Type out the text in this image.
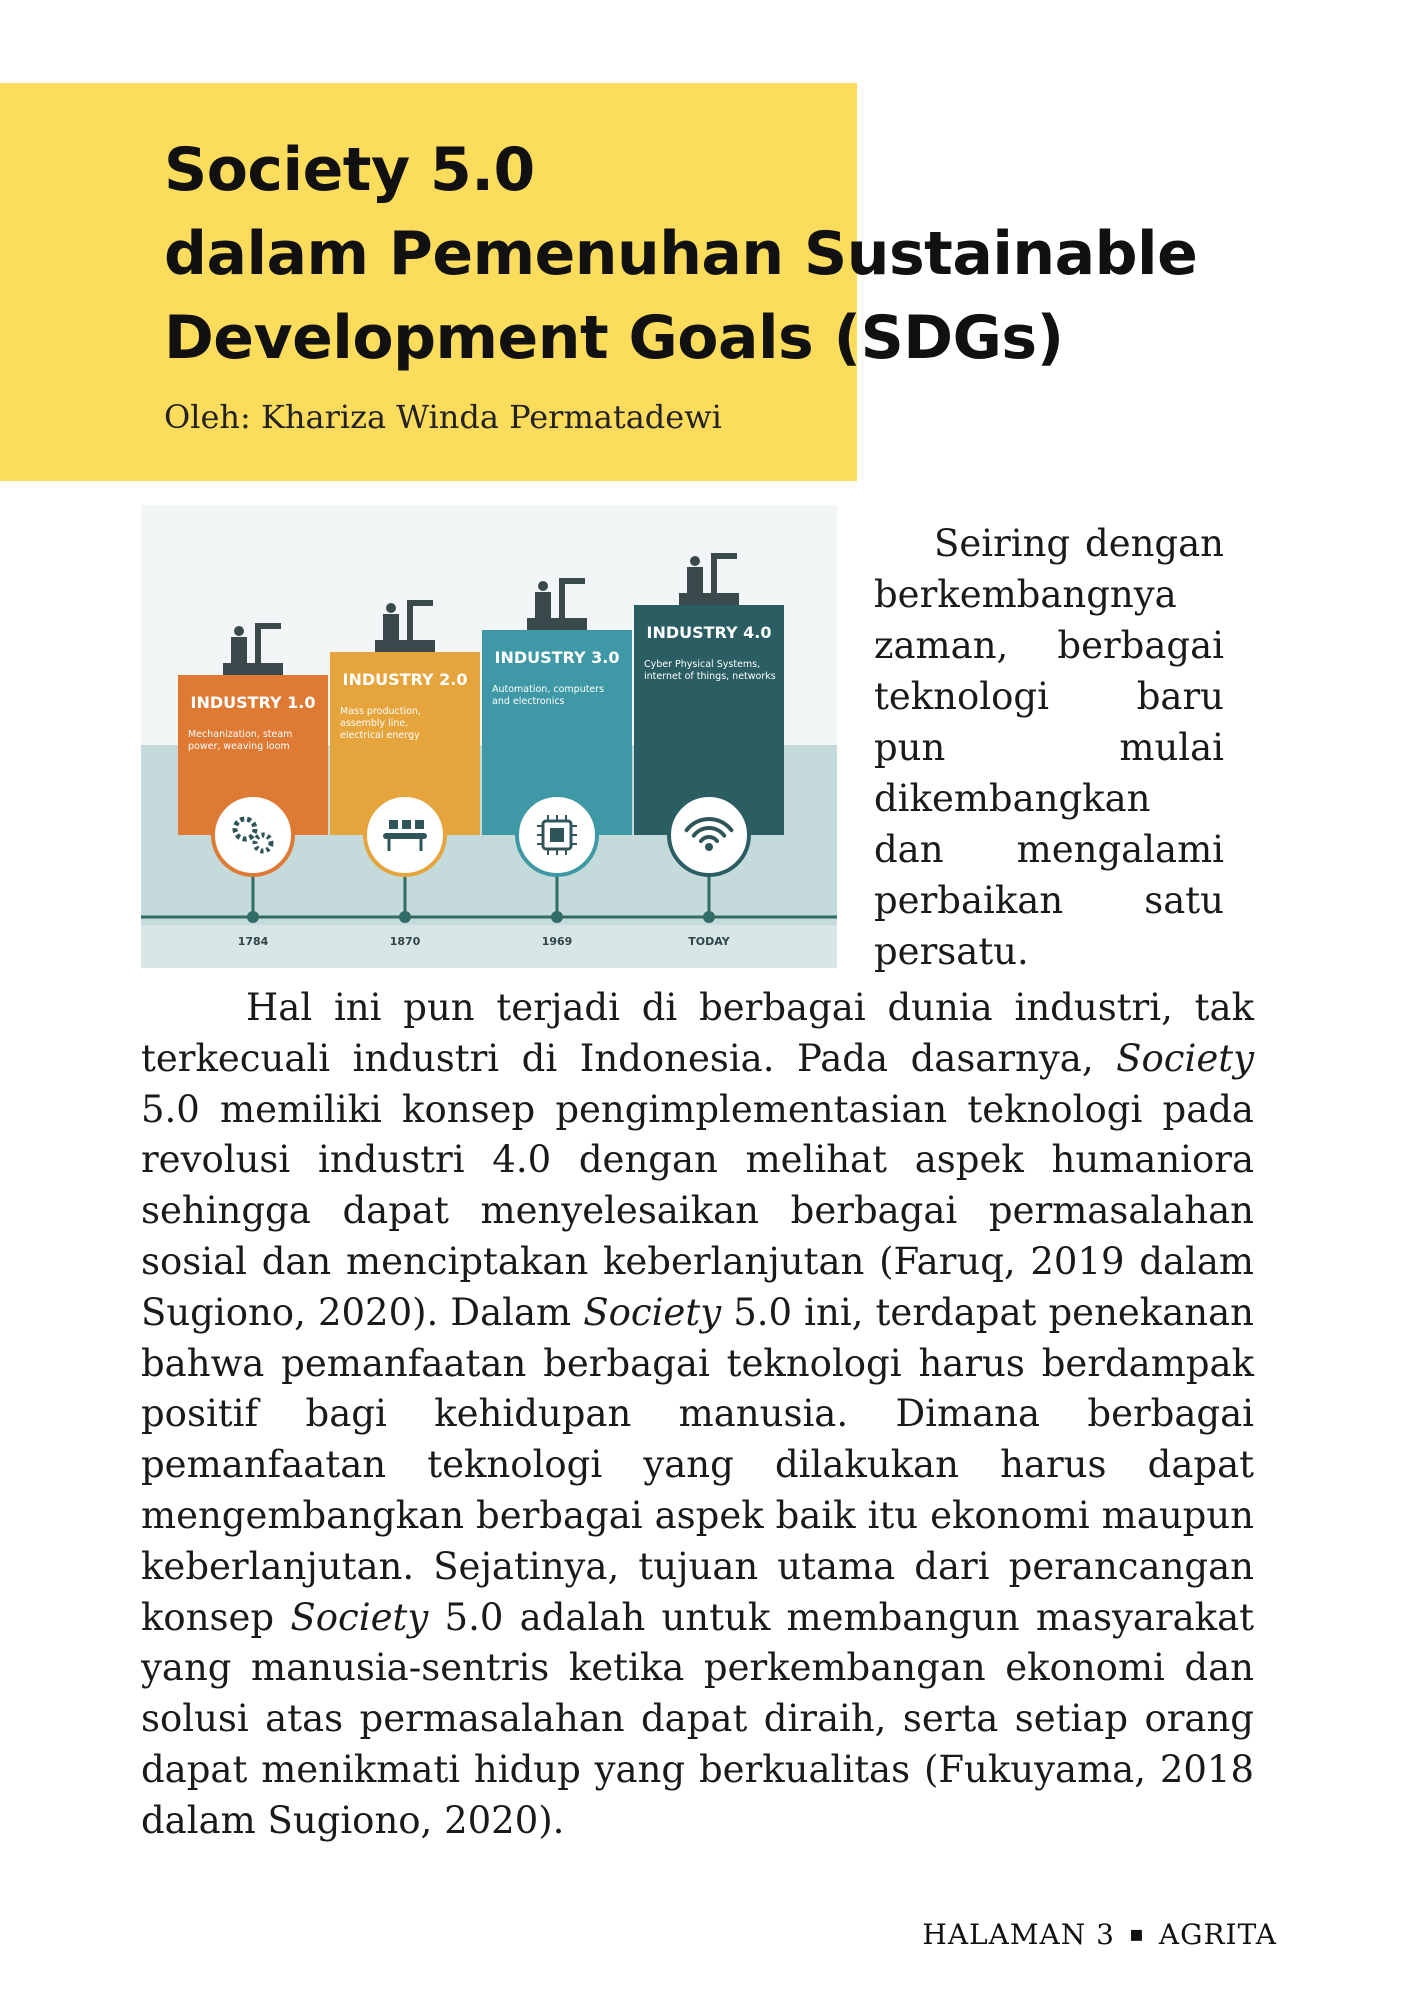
Society 5.0
dalam Pemenuhan Sustainable
Development Goals (SDGs)
Oleh: Khariza Winda Permatadewi
INDUSTRY 1.0
Mechanization, steam
power, weaving loom
INDUSTRY 2.0
Mass production,
assembly line,
electrical energy
INDUSTRY 3.0
Automation, computers
and electronics
INDUSTRY 4.0
Cyber Physical Systems,
internet of things, networks
1784	1870	1969	TODAY

Seiring dengan berkembangnya zaman, berbagai teknologi baru pun mulai dikembangkan dan mengalami perbaikan satu persatu.

Hal ini pun terjadi di berbagai dunia industri, tak terkecuali industri di Indonesia. Pada dasarnya, Society 5.0 memiliki konsep pengimplementasian teknologi pada revolusi industri 4.0 dengan melihat aspek humaniora sehingga dapat menyelesaikan berbagai permasalahan sosial dan menciptakan keberlanjutan (Faruq, 2019 dalam Sugiono, 2020). Dalam Society 5.0 ini, terdapat penekanan bahwa pemanfaatan berbagai teknologi harus berdampak positif bagi kehidupan manusia. Dimana berbagai pemanfaatan teknologi yang dilakukan harus dapat mengembangkan berbagai aspek baik itu ekonomi maupun keberlanjutan. Sejatinya, tujuan utama dari perancangan konsep Society 5.0 adalah untuk membangun masyarakat yang manusia-sentris ketika perkembangan ekonomi dan solusi atas permasalahan dapat diraih, serta setiap orang dapat menikmati hidup yang berkualitas (Fukuyama, 2018 dalam Sugiono, 2020).

HALAMAN 3 ▪ AGRITA
